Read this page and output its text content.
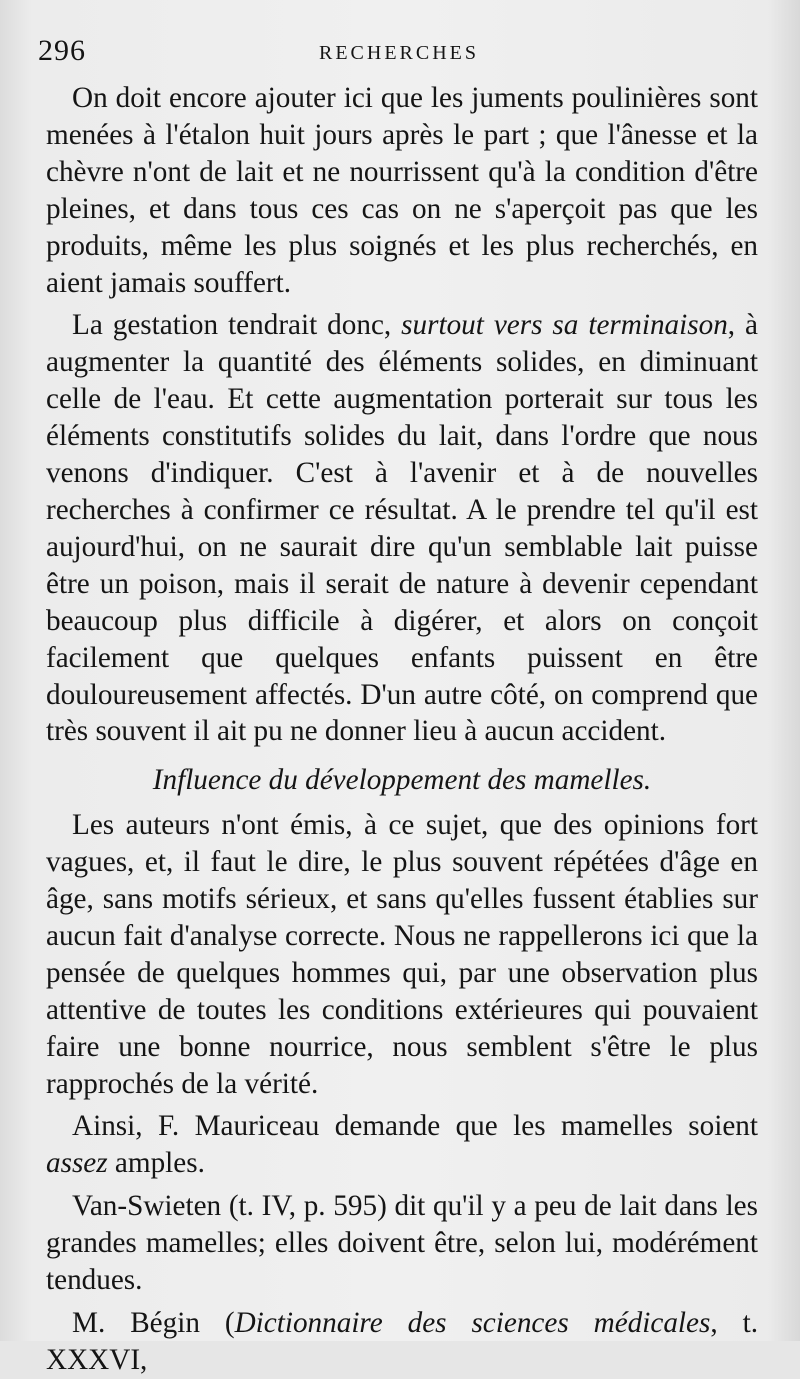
296	RECHERCHES

On doit encore ajouter ici que les juments poulinières sont menées à l'étalon huit jours après le part ; que l'ânesse et la chèvre n'ont de lait et ne nourrissent qu'à la condition d'être pleines, et dans tous ces cas on ne s'aperçoit pas que les produits, même les plus soignés et les plus recherchés, en aient jamais souffert.

La gestation tendrait donc, surtout vers sa terminaison, à augmenter la quantité des éléments solides, en diminuant celle de l'eau. Et cette augmentation porterait sur tous les éléments constitutifs solides du lait, dans l'ordre que nous venons d'indiquer. C'est à l'avenir et à de nouvelles recherches à confirmer ce résultat. A le prendre tel qu'il est aujourd'hui, on ne saurait dire qu'un semblable lait puisse être un poison, mais il serait de nature à devenir cependant beaucoup plus difficile à digérer, et alors on conçoit facilement que quelques enfants puissent en être douloureusement affectés. D'un autre côté, on comprend que très souvent il ait pu ne donner lieu à aucun accident.

Influence du développement des mamelles.

Les auteurs n'ont émis, à ce sujet, que des opinions fort vagues, et, il faut le dire, le plus souvent répétées d'âge en âge, sans motifs sérieux, et sans qu'elles fussent établies sur aucun fait d'analyse correcte. Nous ne rappellerons ici que la pensée de quelques hommes qui, par une observation plus attentive de toutes les conditions extérieures qui pouvaient faire une bonne nourrice, nous semblent s'être le plus rapprochés de la vérité.

Ainsi, F. Mauriceau demande que les mamelles soient assez amples.

Van-Swieten (t. IV, p. 595) dit qu'il y a peu de lait dans les grandes mamelles; elles doivent être, selon lui, modérément tendues.

M. Bégin (Dictionnaire des sciences médicales, t. XXXVI,
